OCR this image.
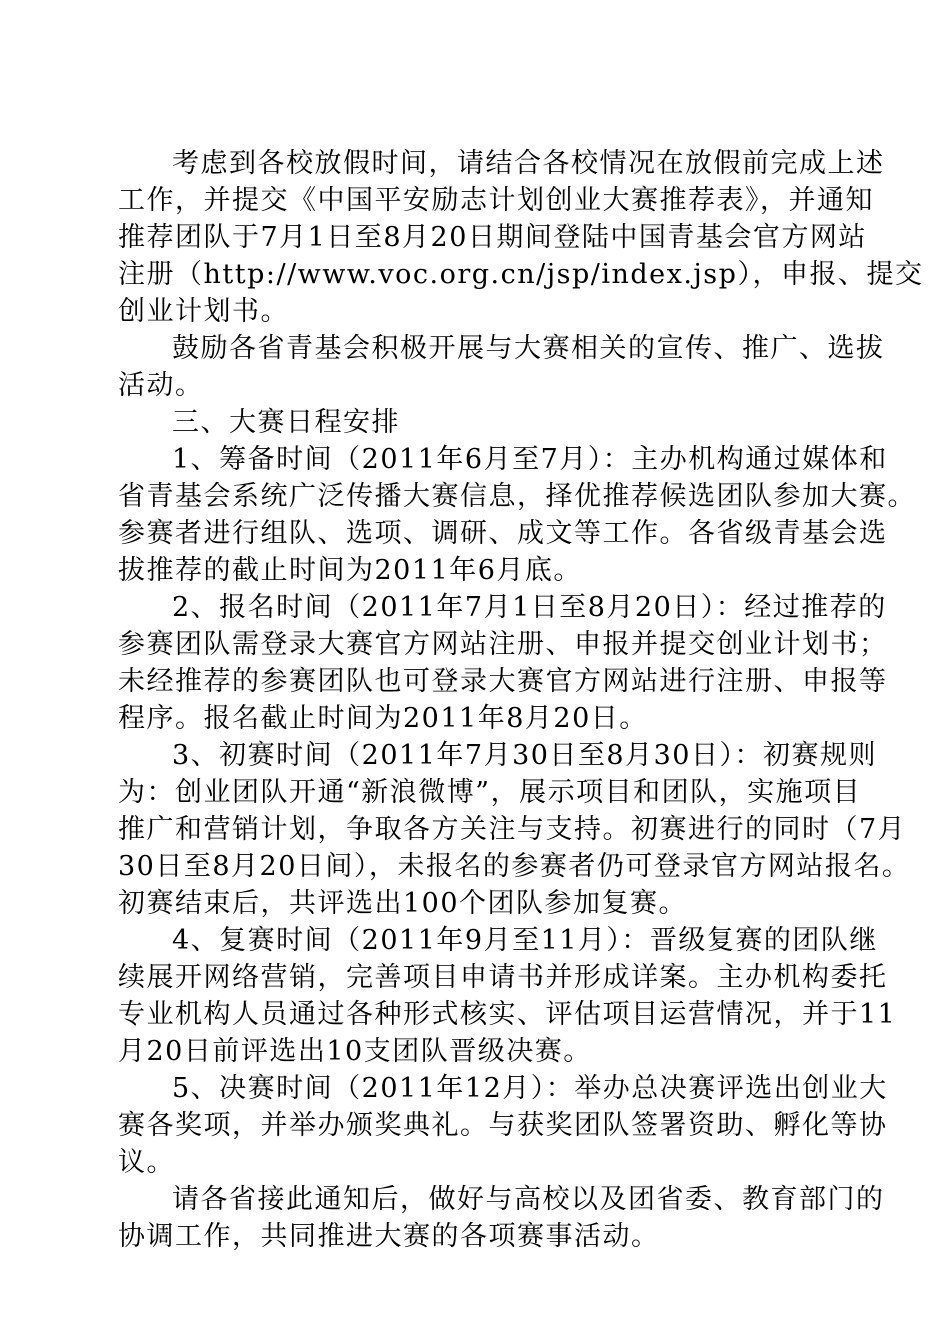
考虑到各校放假时间，请结合各校情况在放假前完成上述

工作，并提交《中国平安励志计划创业大赛推荐表》，并通知

推荐团队于7月1日至8月20日期间登陆中国青基会官方网站

注册（http://www.voc.org.cn/jsp/index.jsp），申报、提交

创业计划书。

鼓励各省青基会积极开展与大赛相关的宣传、推广、选拔

活动。

三、大赛日程安排

1、筹备时间（2011年6月至7月）：主办机构通过媒体和

省青基会系统广泛传播大赛信息，择优推荐候选团队参加大赛。

参赛者进行组队、选项、调研、成文等工作。各省级青基会选

拔推荐的截止时间为2011年6月底。

2、报名时间（2011年7月1日至8月20日）：经过推荐的

参赛团队需登录大赛官方网站注册、申报并提交创业计划书；

未经推荐的参赛团队也可登录大赛官方网站进行注册、申报等

程序。报名截止时间为2011年8月20日。

3、初赛时间（2011年7月30日至8月30日）：初赛规则

为：创业团队开通“新浪微博”，展示项目和团队，实施项目

推广和营销计划，争取各方关注与支持。初赛进行的同时（7月

30日至8月20日间），未报名的参赛者仍可登录官方网站报名。

初赛结束后，共评选出100个团队参加复赛。

4、复赛时间（2011年9月至11月）：晋级复赛的团队继

续展开网络营销，完善项目申请书并形成详案。主办机构委托

专业机构人员通过各种形式核实、评估项目运营情况，并于11

月20日前评选出10支团队晋级决赛。

5、决赛时间（2011年12月）：举办总决赛评选出创业大

赛各奖项，并举办颁奖典礼。与获奖团队签署资助、孵化等协

议。

请各省接此通知后，做好与高校以及团省委、教育部门的

协调工作，共同推进大赛的各项赛事活动。
